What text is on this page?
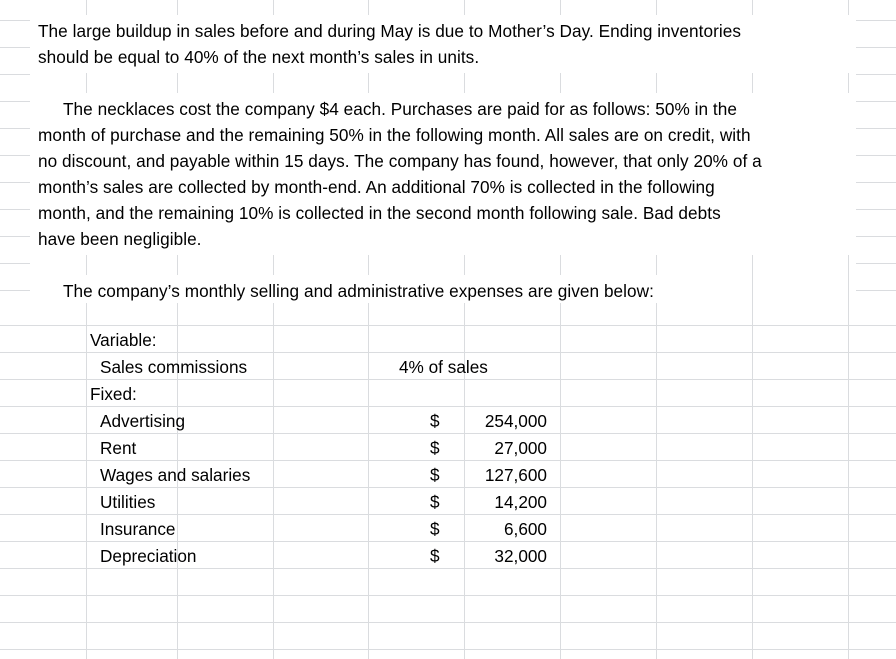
The large buildup in sales before and during May is due to Mother’s Day. Ending inventories
should be equal to 40% of the next month’s sales in units.
The necklaces cost the company $4 each. Purchases are paid for as follows: 50% in the
month of purchase and the remaining 50% in the following month. All sales are on credit, with
no discount, and payable within 15 days. The company has found, however, that only 20% of a
month’s sales are collected by month-end. An additional 70% is collected in the following
month, and the remaining 10% is collected in the second month following sale. Bad debts
have been negligible.
The company’s monthly selling and administrative expenses are given below:
Variable:
Sales commissions	4% of sales
Fixed:
Advertising	$	254,000
Rent	$	27,000
Wages and salaries	$	127,600
Utilities	$	14,200
Insurance	$	6,600
Depreciation	$	32,000
